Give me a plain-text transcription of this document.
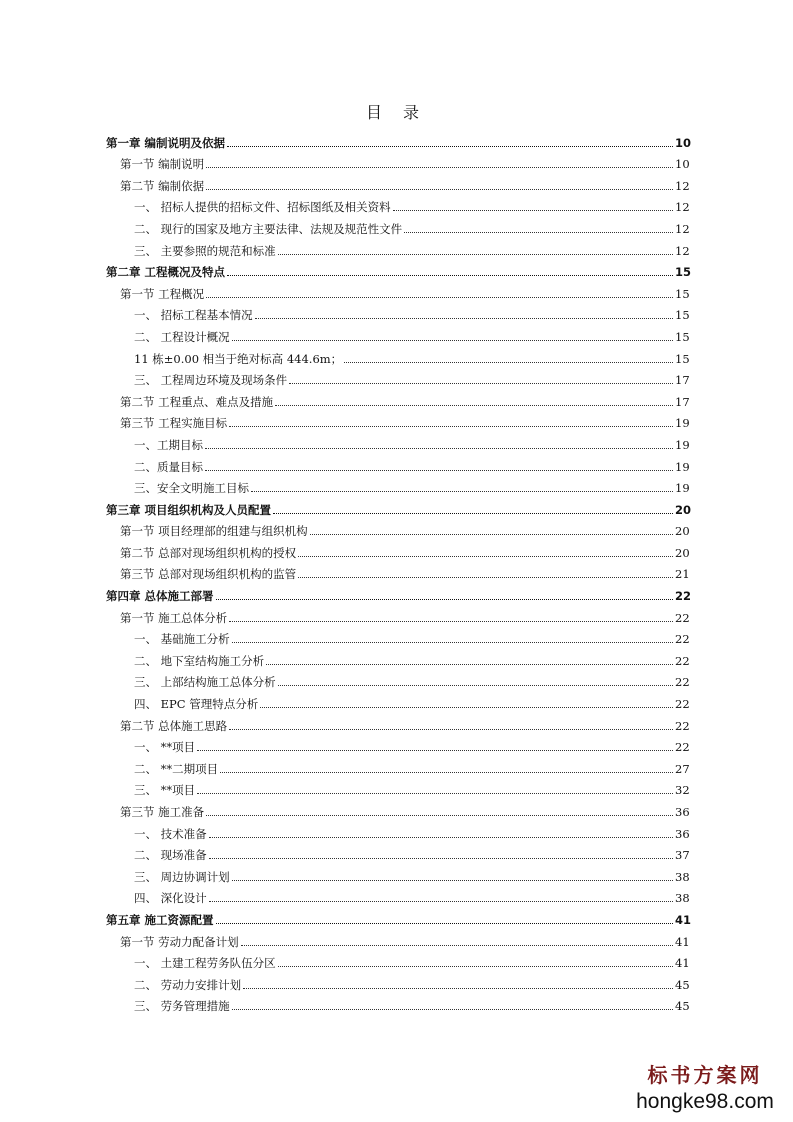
目 录
第一章 编制说明及依据	10
第一节 编制说明	10
第二节 编制依据	12
一、 招标人提供的招标文件、招标图纸及相关资料	12
二、 现行的国家及地方主要法律、法规及规范性文件	12
三、 主要参照的规范和标准	12
第二章 工程概况及特点	15
第一节 工程概况	15
一、 招标工程基本情况	15
二、 工程设计概况	15
11 栋±0.00 相当于绝对标高 444.6m；	15
三、 工程周边环境及现场条件	17
第二节 工程重点、难点及措施	17
第三节 工程实施目标	19
一、工期目标	19
二、质量目标	19
三、安全文明施工目标	19
第三章 项目组织机构及人员配置	20
第一节 项目经理部的组建与组织机构	20
第二节 总部对现场组织机构的授权	20
第三节 总部对现场组织机构的监管	21
第四章 总体施工部署	22
第一节 施工总体分析	22
一、 基础施工分析	22
二、 地下室结构施工分析	22
三、 上部结构施工总体分析	22
四、 EPC 管理特点分析	22
第二节 总体施工思路	22
一、 **项目	22
二、 **二期项目	27
三、 **项目	32
第三节 施工准备	36
一、 技术准备	36
二、 现场准备	37
三、 周边协调计划	38
四、 深化设计	38
第五章 施工资源配置	41
第一节 劳动力配备计划	41
一、 土建工程劳务队伍分区	41
二、 劳动力安排计划	45
三、 劳务管理措施	45
标书方案网
hongke98.com
